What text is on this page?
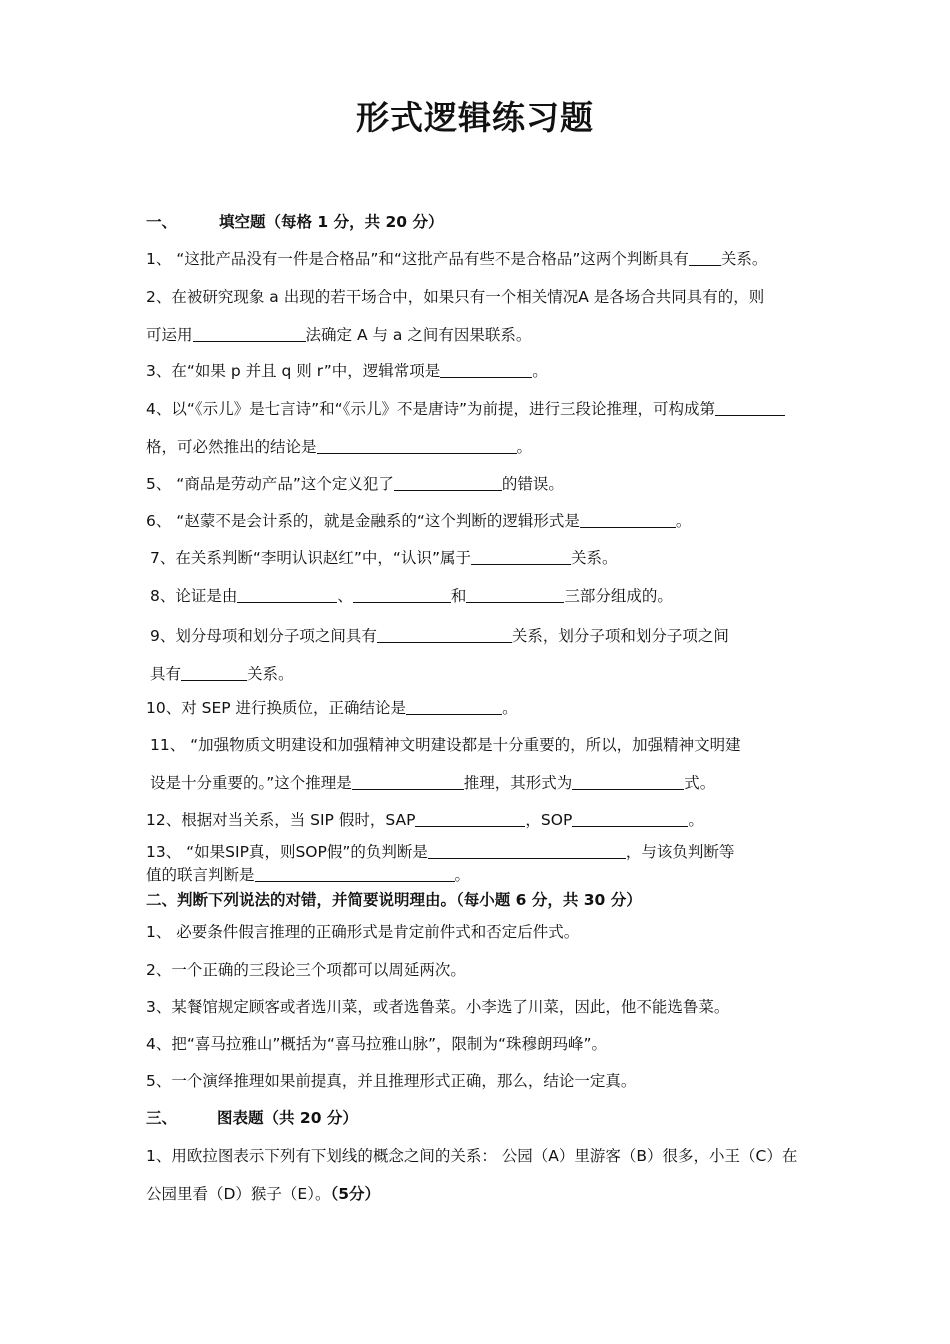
形式逻辑练习题
一、	填空题（每格 1 分，共 20 分）
1、 “这批产品没有一件是合格品”和“这批产品有些不是合格品”这两个判断具有 关系。
2、在被研究现象 a 出现的若干场合中，如果只有一个相关情况A 是各场合共同具有的，则
可运用	法确定 A 与 a 之间有因果联系。
3、在“如果 p 并且 q 则 r”中，逻辑常项是	。
4、以“《示儿》是七言诗”和“《示儿》不是唐诗”为前提，进行三段论推理，可构成第
格，可必然推出的结论是	。
5、 “商品是劳动产品”这个定义犯了	的错误。
6、 “赵蒙不是会计系的，就是金融系的“这个判断的逻辑形式是	。
7、在关系判断“李明认识赵红”中，“认识”属于	关系。
8、论证是由	、	和	三部分组成的。
9、划分母项和划分子项之间具有	关系，划分子项和划分子项之间
具有	关系。
10、对 SEP 进行换质位，正确结论是	。
11、 “加强物质文明建设和加强精神文明建设都是十分重要的，所以，加强精神文明建
设是十分重要的。”这个推理是	推理，其形式为	式。
12、根据对当关系，当 SIP 假时，SAP	，SOP	。
13、 “如果SIP真，则SOP假”的负判断是	，与该负判断等
值的联言判断是	。
二、判断下列说法的对错，并简要说明理由。（每小题 6 分，共 30 分）
1、 必要条件假言推理的正确形式是肯定前件式和否定后件式。
2、一个正确的三段论三个项都可以周延两次。
3、某餐馆规定顾客或者选川菜，或者选鲁菜。小李选了川菜，因此，他不能选鲁菜。
4、把“喜马拉雅山”概括为“喜马拉雅山脉”，限制为“珠穆朗玛峰”。
5、一个演绎推理如果前提真，并且推理形式正确，那么，结论一定真。
三、	图表题（共 20 分）
1、用欧拉图表示下列有下划线的概念之间的关系： 公园（A）里游客（B）很多，小王（C）在
公园里看（D）猴子（E）。（5分）
